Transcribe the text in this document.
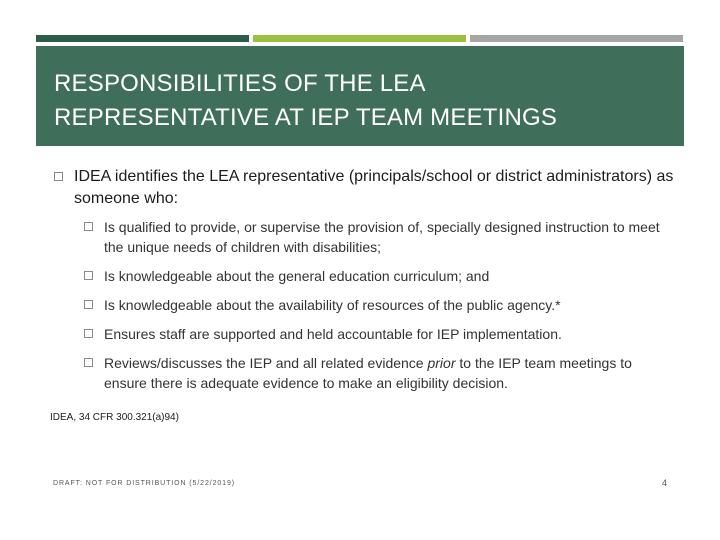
RESPONSIBILITIES OF THE LEA
REPRESENTATIVE AT IEP TEAM MEETINGS
IDEA identifies the LEA representative (principals/school or district administrators) as someone who:
Is qualified to provide, or supervise the provision of, specially designed instruction to meet the unique needs of children with disabilities;
Is knowledgeable about the general education curriculum; and
Is knowledgeable about the availability of resources of the public agency.*
Ensures staff are supported and held accountable for IEP implementation.
Reviews/discusses the IEP and all related evidence prior to the IEP team meetings to ensure there is adequate evidence to make an eligibility decision.
IDEA, 34 CFR 300.321(a)94)
DRAFT: NOT FOR DISTRIBUTION (5/22/2019)	4
